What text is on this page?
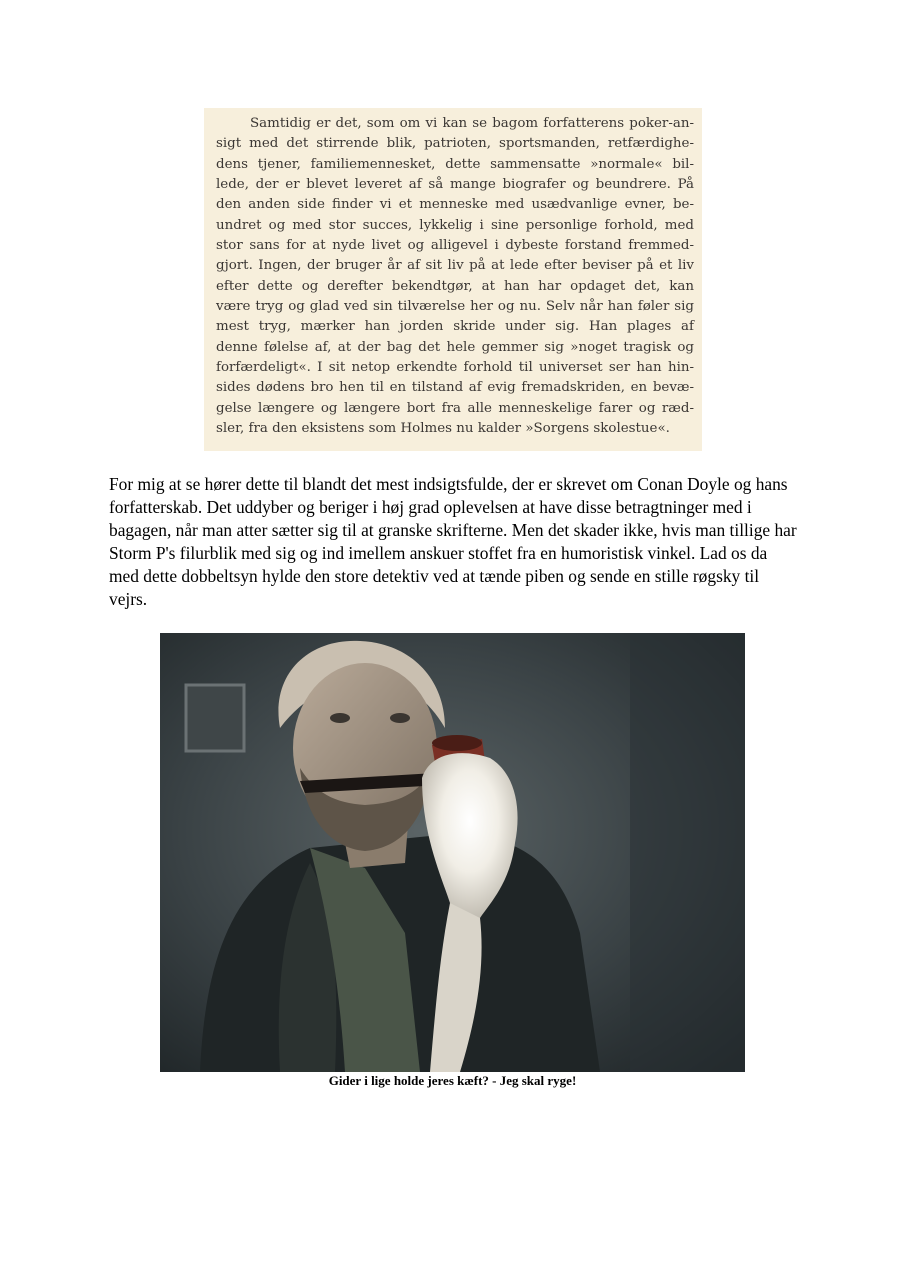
Samtidig er det, som om vi kan se bagom forfatterens poker-an-
sigt med det stirrende blik, patrioten, sportsmanden, retfærdighe-
dens tjener, familiemennesket, dette sammensatte »normale« bil-
lede, der er blevet leveret af så mange biografer og beundrere. På
den anden side finder vi et menneske med usædvanlige evner, be-
undret og med stor succes, lykkelig i sine personlige forhold, med
stor sans for at nyde livet og alligevel i dybeste forstand fremmed-
gjort. Ingen, der bruger år af sit liv på at lede efter beviser på et liv
efter dette og derefter bekendtgør, at han har opdaget det, kan
være tryg og glad ved sin tilværelse her og nu. Selv når han føler sig
mest tryg, mærker han jorden skride under sig. Han plages af
denne følelse af, at der bag det hele gemmer sig »noget tragisk og
forfærdeligt«. I sit netop erkendte forhold til universet ser han hin-
sides dødens bro hen til en tilstand af evig fremadskriden, en bevæ-
gelse længere og længere bort fra alle menneskelige farer og ræd-
sler, fra den eksistens som Holmes nu kalder »Sorgens skolestue«.

For mig at se hører dette til blandt det mest indsigtsfulde, der er skrevet om Conan Doyle og hans forfatterskab. Det uddyber og beriger i høj grad oplevelsen at have disse betragtninger med i bagagen, når man atter sætter sig til at granske skrifterne. Men det skader ikke, hvis man tillige har Storm P's filurblik med sig og ind imellem anskuer stoffet fra en humoristisk vinkel. Lad os da med dette dobbeltsyn hylde den store detektiv ved at tænde piben og sende en stille røgsky til vejrs.

Gider i lige holde jeres kæft? - Jeg skal ryge!
